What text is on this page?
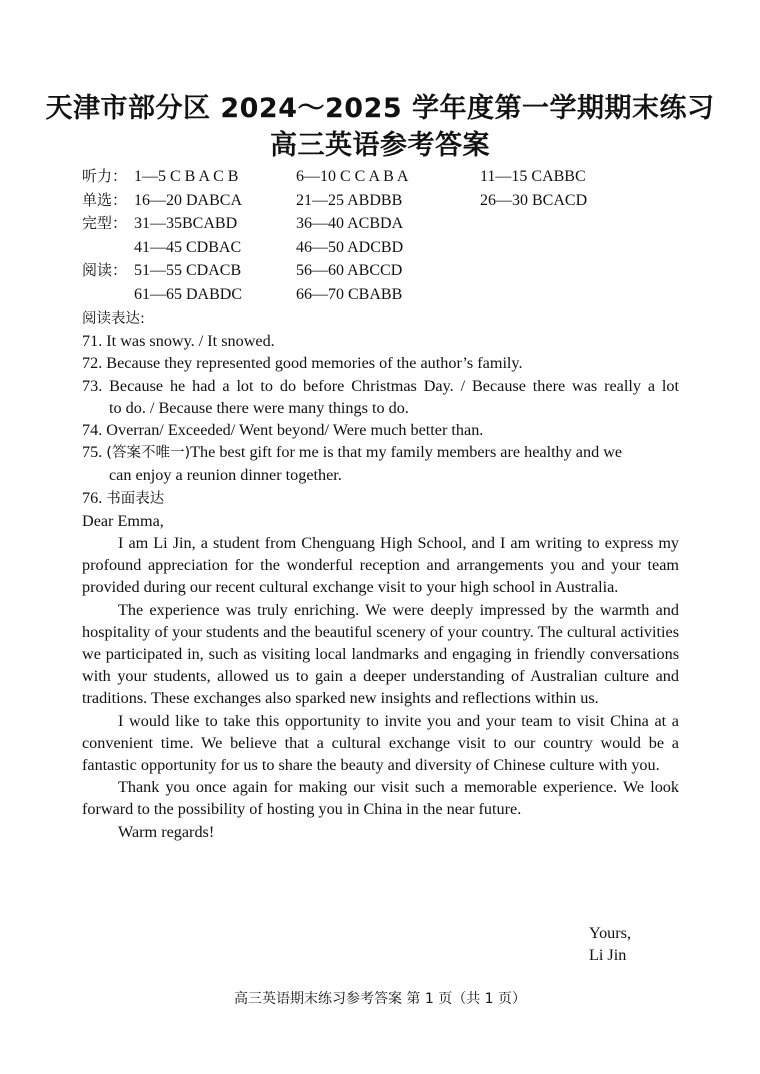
天津市部分区 2024～2025 学年度第一学期期末练习
高三英语参考答案
听力： 1—5 C B A C B	6—10 C C A B A	11—15 CABBC
单选： 16—20 DABCA	21—25 ABDBB	26—30 BCACD
完型： 31—35BCABD	36—40 ACBDA
41—45 CDBAC	46—50 ADCBD
阅读： 51—55 CDACB	56—60 ABCCD
61—65 DABDC	66—70 CBABB
阅读表达:
71. It was snowy. / It snowed.
72. Because they represented good memories of the author’s family.
73. Because he had a lot to do before Christmas Day. / Because there was really a lot
to do. / Because there were many things to do.
74. Overran/ Exceeded/ Went beyond/ Were much better than.
75. (答案不唯一)The best gift for me is that my family members are healthy and we
can enjoy a reunion dinner together.
76. 书面表达
Dear Emma,
I am Li Jin, a student from Chenguang High School, and I am writing to express my profound appreciation for the wonderful reception and arrangements you and your team provided during our recent cultural exchange visit to your high school in Australia.
The experience was truly enriching. We were deeply impressed by the warmth and hospitality of your students and the beautiful scenery of your country. The cultural activities we participated in, such as visiting local landmarks and engaging in friendly conversations with your students, allowed us to gain a deeper understanding of Australian culture and traditions. These exchanges also sparked new insights and reflections within us.
I would like to take this opportunity to invite you and your team to visit China at a convenient time. We believe that a cultural exchange visit to our country would be a fantastic opportunity for us to share the beauty and diversity of Chinese culture with you.
Thank you once again for making our visit such a memorable experience. We look forward to the possibility of hosting you in China in the near future.
Warm regards!
Yours,
Li Jin
高三英语期末练习参考答案 第 1 页（共 1 页）
